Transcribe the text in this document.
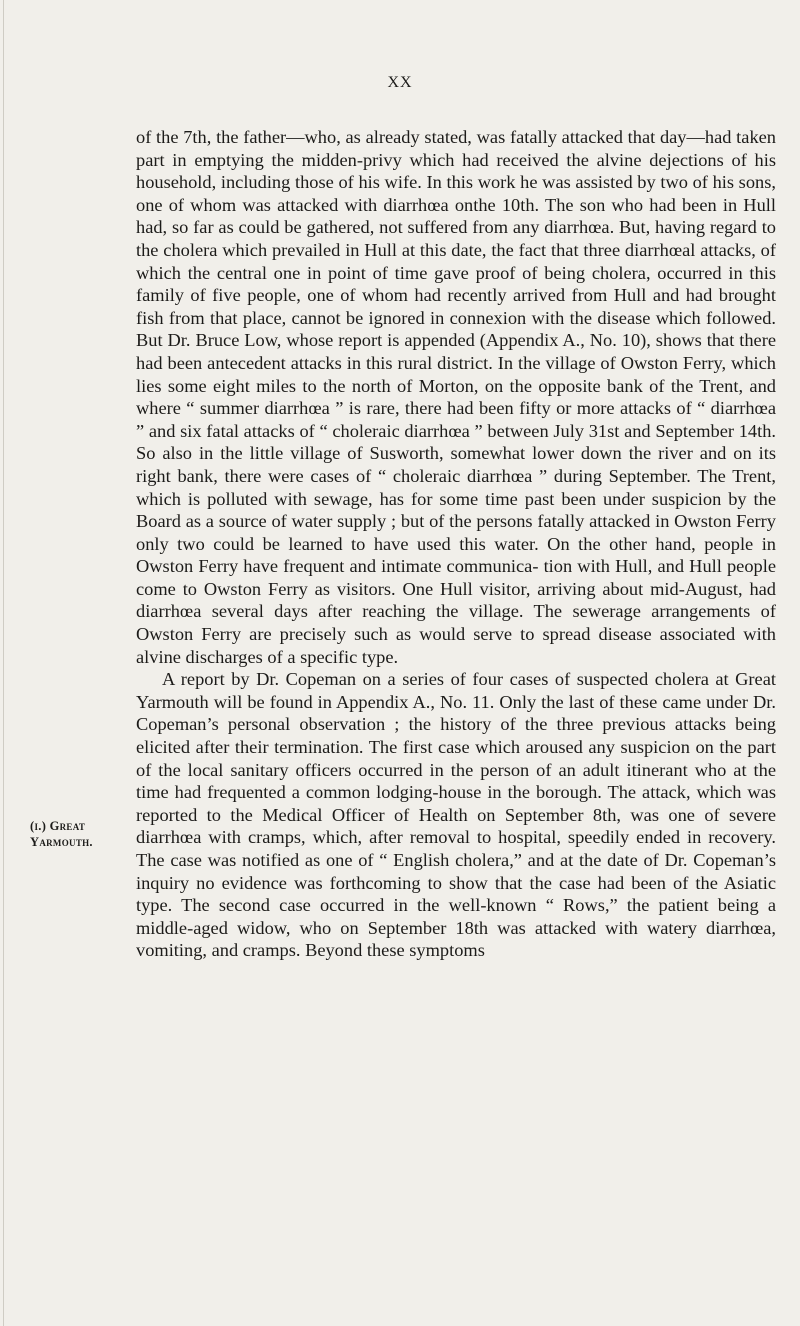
XX
(i.) Great
Yarmouth.

of the 7th, the father—who, as already stated, was fatally attacked that day—had taken part in emptying the midden-privy which had received the alvine dejections of his household, including those of his wife. In this work he was assisted by two of his sons, one of whom was attacked with diarrhœa onthe 10th. The son who had been in Hull had, so far as could be gathered, not suffered from any diarrhœa. But, having regard to the cholera which prevailed in Hull at this date, the fact that three diarrhœal attacks, of which the central one in point of time gave proof of being cholera, occurred in this family of five people, one of whom had recently arrived from Hull and had brought fish from that place, cannot be ignored in connexion with the disease which followed. But Dr. Bruce Low, whose report is appended (Appendix A., No. 10), shows that there had been antecedent attacks in this rural district. In the village of Owston Ferry, which lies some eight miles to the north of Morton, on the opposite bank of the Trent, and where “ summer diarrhœa ” is rare, there had been fifty or more attacks of “ diarrhœa ” and six fatal attacks of “ choleraic diarrhœa ” between July 31st and September 14th. So also in the little village of Susworth, somewhat lower down the river and on its right bank, there were cases of “ choleraic diarrhœa ” during September. The Trent, which is polluted with sewage, has for some time past been under suspicion by the Board as a source of water supply ; but of the persons fatally attacked in Owston Ferry only two could be learned to have used this water. On the other hand, people in Owston Ferry have frequent and intimate communica- tion with Hull, and Hull people come to Owston Ferry as visitors. One Hull visitor, arriving about mid-August, had diarrhœa several days after reaching the village. The sewerage arrangements of Owston Ferry are precisely such as would serve to spread disease associated with alvine discharges of a specific type.

A report by Dr. Copeman on a series of four cases of suspected cholera at Great Yarmouth will be found in Appendix A., No. 11. Only the last of these came under Dr. Copeman’s personal observation ; the history of the three previous attacks being elicited after their termination. The first case which aroused any suspicion on the part of the local sanitary officers occurred in the person of an adult itinerant who at the time had frequented a common lodging-house in the borough. The attack, which was reported to the Medical Officer of Health on September 8th, was one of severe diarrhœa with cramps, which, after removal to hospital, speedily ended in recovery. The case was notified as one of “ English cholera,” and at the date of Dr. Copeman’s inquiry no evidence was forthcoming to show that the case had been of the Asiatic type. The second case occurred in the well-known “ Rows,” the patient being a middle-aged widow, who on September 18th was attacked with watery diarrhœa, vomiting, and cramps. Beyond these symptoms
